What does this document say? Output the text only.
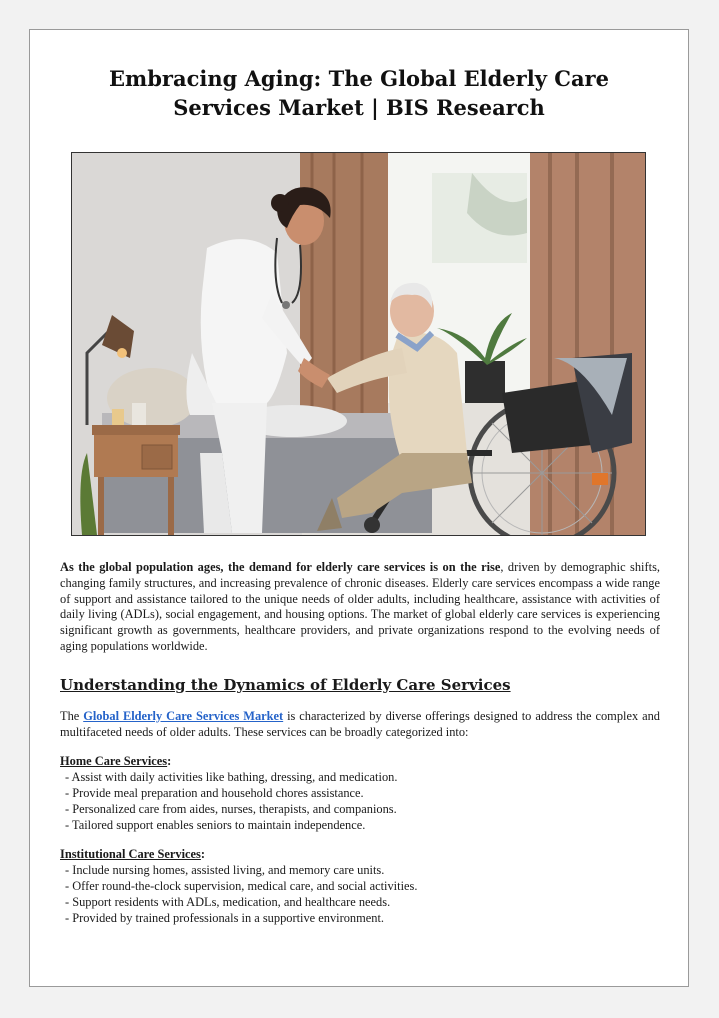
Embracing Aging: The Global Elderly Care Services Market | BIS Research

As the global population ages, the demand for elderly care services is on the rise, driven by demographic shifts, changing family structures, and increasing prevalence of chronic diseases. Elderly care services encompass a wide range of support and assistance tailored to the unique needs of older adults, including healthcare, assistance with activities of daily living (ADLs), social engagement, and housing options. The market of global elderly care services is experiencing significant growth as governments, healthcare providers, and private organizations respond to the evolving needs of aging populations worldwide.

Understanding the Dynamics of Elderly Care Services

The Global Elderly Care Services Market is characterized by diverse offerings designed to address the complex and multifaceted needs of older adults. These services can be broadly categorized into:

Home Care Services:
- Assist with daily activities like bathing, dressing, and medication.
- Provide meal preparation and household chores assistance.
- Personalized care from aides, nurses, therapists, and companions.
- Tailored support enables seniors to maintain independence.
Institutional Care Services:
- Include nursing homes, assisted living, and memory care units.
- Offer round-the-clock supervision, medical care, and social activities.
- Support residents with ADLs, medication, and healthcare needs.
- Provided by trained professionals in a supportive environment.
